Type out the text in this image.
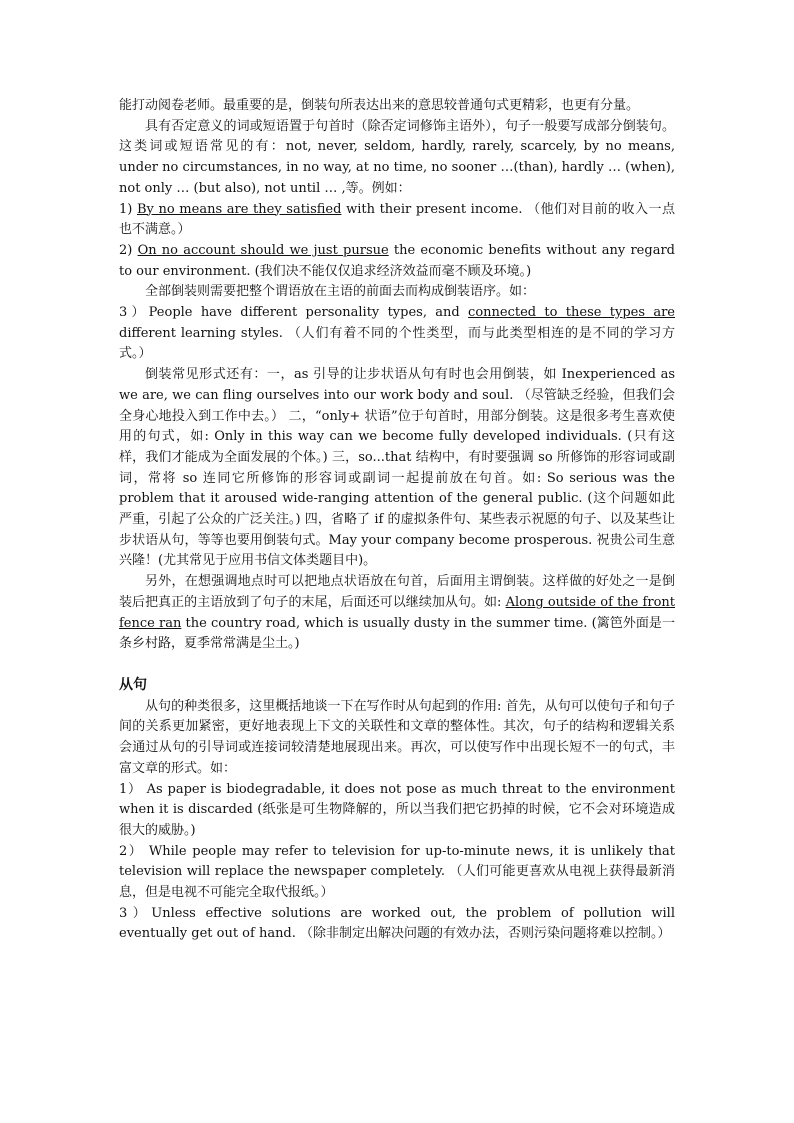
能打动阅卷老师。最重要的是，倒装句所表达出来的意思较普通句式更精彩，也更有分量。

具有否定意义的词或短语置于句首时（除否定词修饰主语外），句子一般要写成部分倒装句。这类词或短语常见的有：not, never, seldom, hardly, rarely, scarcely, by no means, under no circumstances, in no way, at no time, no sooner …(than), hardly … (when), not only … (but also), not until … ,等。例如：

1) By no means are they satisfied with their present income. （他们对目前的收入一点也不满意。）

2) On no account should we just pursue the economic benefits without any regard to our environment. (我们决不能仅仅追求经济效益而毫不顾及环境。)

全部倒装则需要把整个谓语放在主语的前面去而构成倒装语序。如：

3）People have different personality types, and connected to these types are different learning styles. （人们有着不同的个性类型，而与此类型相连的是不同的学习方式。）

倒装常见形式还有：一，as 引导的让步状语从句有时也会用倒装，如 Inexperienced as we are, we can fling ourselves into our work body and soul. （尽管缺乏经验，但我们会全身心地投入到工作中去。） 二，“only+ 状语”位于句首时，用部分倒装。这是很多考生喜欢使用的句式，如: Only in this way can we become fully developed individuals. (只有这样，我们才能成为全面发展的个体。) 三，so...that 结构中，有时要强调 so 所修饰的形容词或副词，常将 so 连同它所修饰的形容词或副词一起提前放在句首。如: So serious was the problem that it aroused wide-ranging attention of the general public. (这个问题如此严重，引起了公众的广泛关注。) 四，省略了 if 的虚拟条件句、某些表示祝愿的句子、以及某些让步状语从句，等等也要用倒装句式。May your company become prosperous. 祝贵公司生意兴隆！(尤其常见于应用书信文体类题目中)。

另外，在想强调地点时可以把地点状语放在句首，后面用主谓倒装。这样做的好处之一是倒装后把真正的主语放到了句子的末尾，后面还可以继续加从句。如: Along outside of the front fence ran the country road, which is usually dusty in the summer time. (篱笆外面是一条乡村路，夏季常常满是尘土。)

从句

从句的种类很多，这里概括地谈一下在写作时从句起到的作用: 首先，从句可以使句子和句子间的关系更加紧密，更好地表现上下文的关联性和文章的整体性。其次，句子的结构和逻辑关系会通过从句的引导词或连接词较清楚地展现出来。再次，可以使写作中出现长短不一的句式，丰富文章的形式。如：

1） As paper is biodegradable, it does not pose as much threat to the environment when it is discarded (纸张是可生物降解的，所以当我们把它扔掉的时候，它不会对环境造成很大的威胁。)

2） While people may refer to television for up-to-minute news, it is unlikely that television will replace the newspaper completely. （人们可能更喜欢从电视上获得最新消息，但是电视不可能完全取代报纸。）

3）Unless effective solutions are worked out, the problem of pollution will eventually get out of hand. （除非制定出解决问题的有效办法，否则污染问题将难以控制。）
